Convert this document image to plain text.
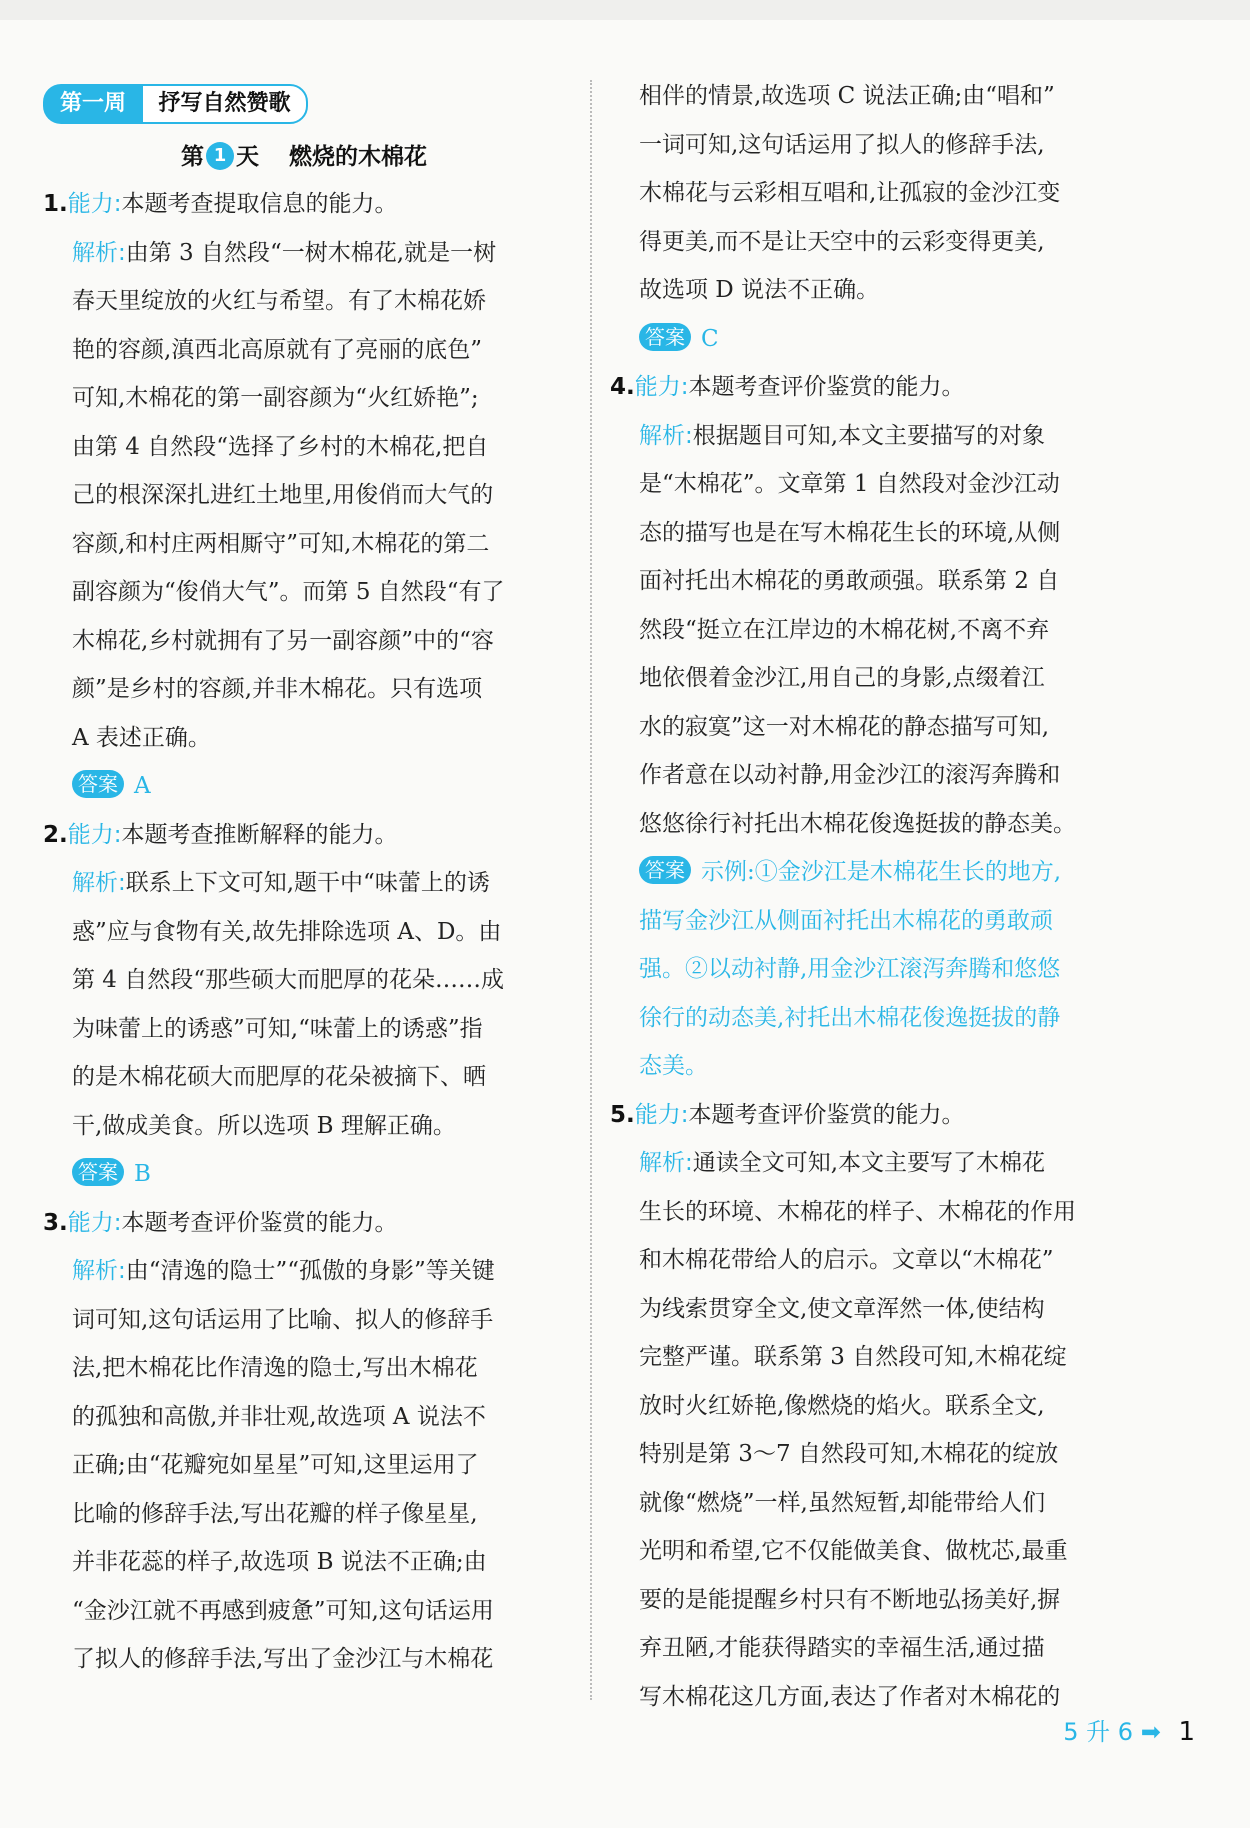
第一周	抒写自然赞歌
第 1 天 燃烧的木棉花

1.能力:本题考查提取信息的能力。

解析:由第 3 自然段“一树木棉花,就是一树

春天里绽放的火红与希望。有了木棉花娇

艳的容颜,滇西北高原就有了亮丽的底色”

可知,木棉花的第一副容颜为“火红娇艳”;

由第 4 自然段“选择了乡村的木棉花,把自

己的根深深扎进红土地里,用俊俏而大气的

容颜,和村庄两相厮守”可知,木棉花的第二

副容颜为“俊俏大气”。而第 5 自然段“有了

木棉花,乡村就拥有了另一副容颜”中的“容

颜”是乡村的容颜,并非木棉花。只有选项

A 表述正确。

答案 A

2.能力:本题考查推断解释的能力。

解析:联系上下文可知,题干中“味蕾上的诱

惑”应与食物有关,故先排除选项 A、D。由

第 4 自然段“那些硕大而肥厚的花朵……成

为味蕾上的诱惑”可知,“味蕾上的诱惑”指

的是木棉花硕大而肥厚的花朵被摘下、晒

干,做成美食。所以选项 B 理解正确。

答案 B

3.能力:本题考查评价鉴赏的能力。

解析:由“清逸的隐士”“孤傲的身影”等关键

词可知,这句话运用了比喻、拟人的修辞手

法,把木棉花比作清逸的隐士,写出木棉花

的孤独和高傲,并非壮观,故选项 A 说法不

正确;由“花瓣宛如星星”可知,这里运用了

比喻的修辞手法,写出花瓣的样子像星星,

并非花蕊的样子,故选项 B 说法不正确;由

“金沙江就不再感到疲惫”可知,这句话运用

了拟人的修辞手法,写出了金沙江与木棉花

相伴的情景,故选项 C 说法正确;由“唱和”

一词可知,这句话运用了拟人的修辞手法,

木棉花与云彩相互唱和,让孤寂的金沙江变

得更美,而不是让天空中的云彩变得更美,

故选项 D 说法不正确。

答案 C

4.能力:本题考查评价鉴赏的能力。

解析:根据题目可知,本文主要描写的对象

是“木棉花”。文章第 1 自然段对金沙江动

态的描写也是在写木棉花生长的环境,从侧

面衬托出木棉花的勇敢顽强。联系第 2 自

然段“挺立在江岸边的木棉花树,不离不弃

地依偎着金沙江,用自己的身影,点缀着江

水的寂寞”这一对木棉花的静态描写可知,

作者意在以动衬静,用金沙江的滚泻奔腾和

悠悠徐行衬托出木棉花俊逸挺拔的静态美。

答案 示例:①金沙江是木棉花生长的地方,

描写金沙江从侧面衬托出木棉花的勇敢顽

强。②以动衬静,用金沙江滚泻奔腾和悠悠

徐行的动态美,衬托出木棉花俊逸挺拔的静

态美。

5.能力:本题考查评价鉴赏的能力。

解析:通读全文可知,本文主要写了木棉花

生长的环境、木棉花的样子、木棉花的作用

和木棉花带给人的启示。文章以“木棉花”

为线索贯穿全文,使文章浑然一体,使结构

完整严谨。联系第 3 自然段可知,木棉花绽

放时火红娇艳,像燃烧的焰火。联系全文,

特别是第 3～7 自然段可知,木棉花的绽放

就像“燃烧”一样,虽然短暂,却能带给人们

光明和希望,它不仅能做美食、做枕芯,最重

要的是能提醒乡村只有不断地弘扬美好,摒

弃丑陋,才能获得踏实的幸福生活,通过描

写木棉花这几方面,表达了作者对木棉花的

5 升 6 ➡ 1
